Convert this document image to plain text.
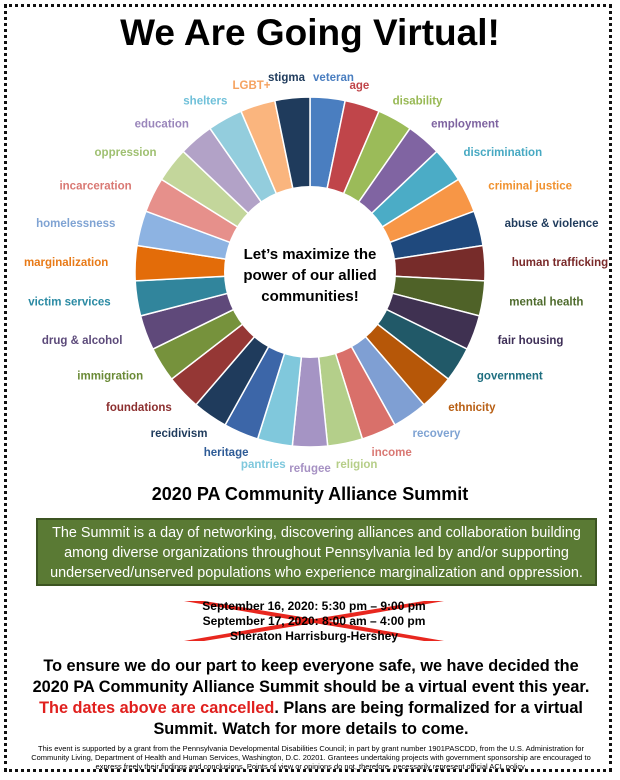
We Are Going Virtual!
veteran
age
disability
employment
discrimination
criminal justice
abuse & violence
human trafficking
mental health
fair housing
government
ethnicity
recovery
income
religion
refugee
pantries
heritage
recidivism
foundations
immigration
drug & alcohol
victim services
marginalization
homelessness
incarceration
oppression
education
shelters
LGBT+
stigma
Let’s maximize the power of our allied communities!
2020 PA Community Alliance Summit
The Summit is a day of networking, discovering alliances and collaboration building among diverse organizations throughout Pennsylvania led by and/or supporting underserved/unserved populations who experience marginalization and oppression.
September 16, 2020: 5:30 pm – 9:00 pm
September 17, 2020: 8:00 am – 4:00 pm
Sheraton Harrisburg-Hershey
To ensure we do our part to keep everyone safe, we have decided the 2020 PA Community Alliance Summit should be a virtual event this year. The dates above are cancelled. Plans are being formalized for a virtual Summit. Watch for more details to come.
This event is supported by a grant from the Pennsylvania Developmental Disabilities Council; in part by grant number 1901PASCDD, from the U.S. Administration for Community Living, Department of Health and Human Services, Washington, D.C. 20201. Grantees undertaking projects with government sponsorship are encouraged to express freely their findings and conclusions. Points of view or opinions do not, therefore, necessarily represent official ACL policy.
